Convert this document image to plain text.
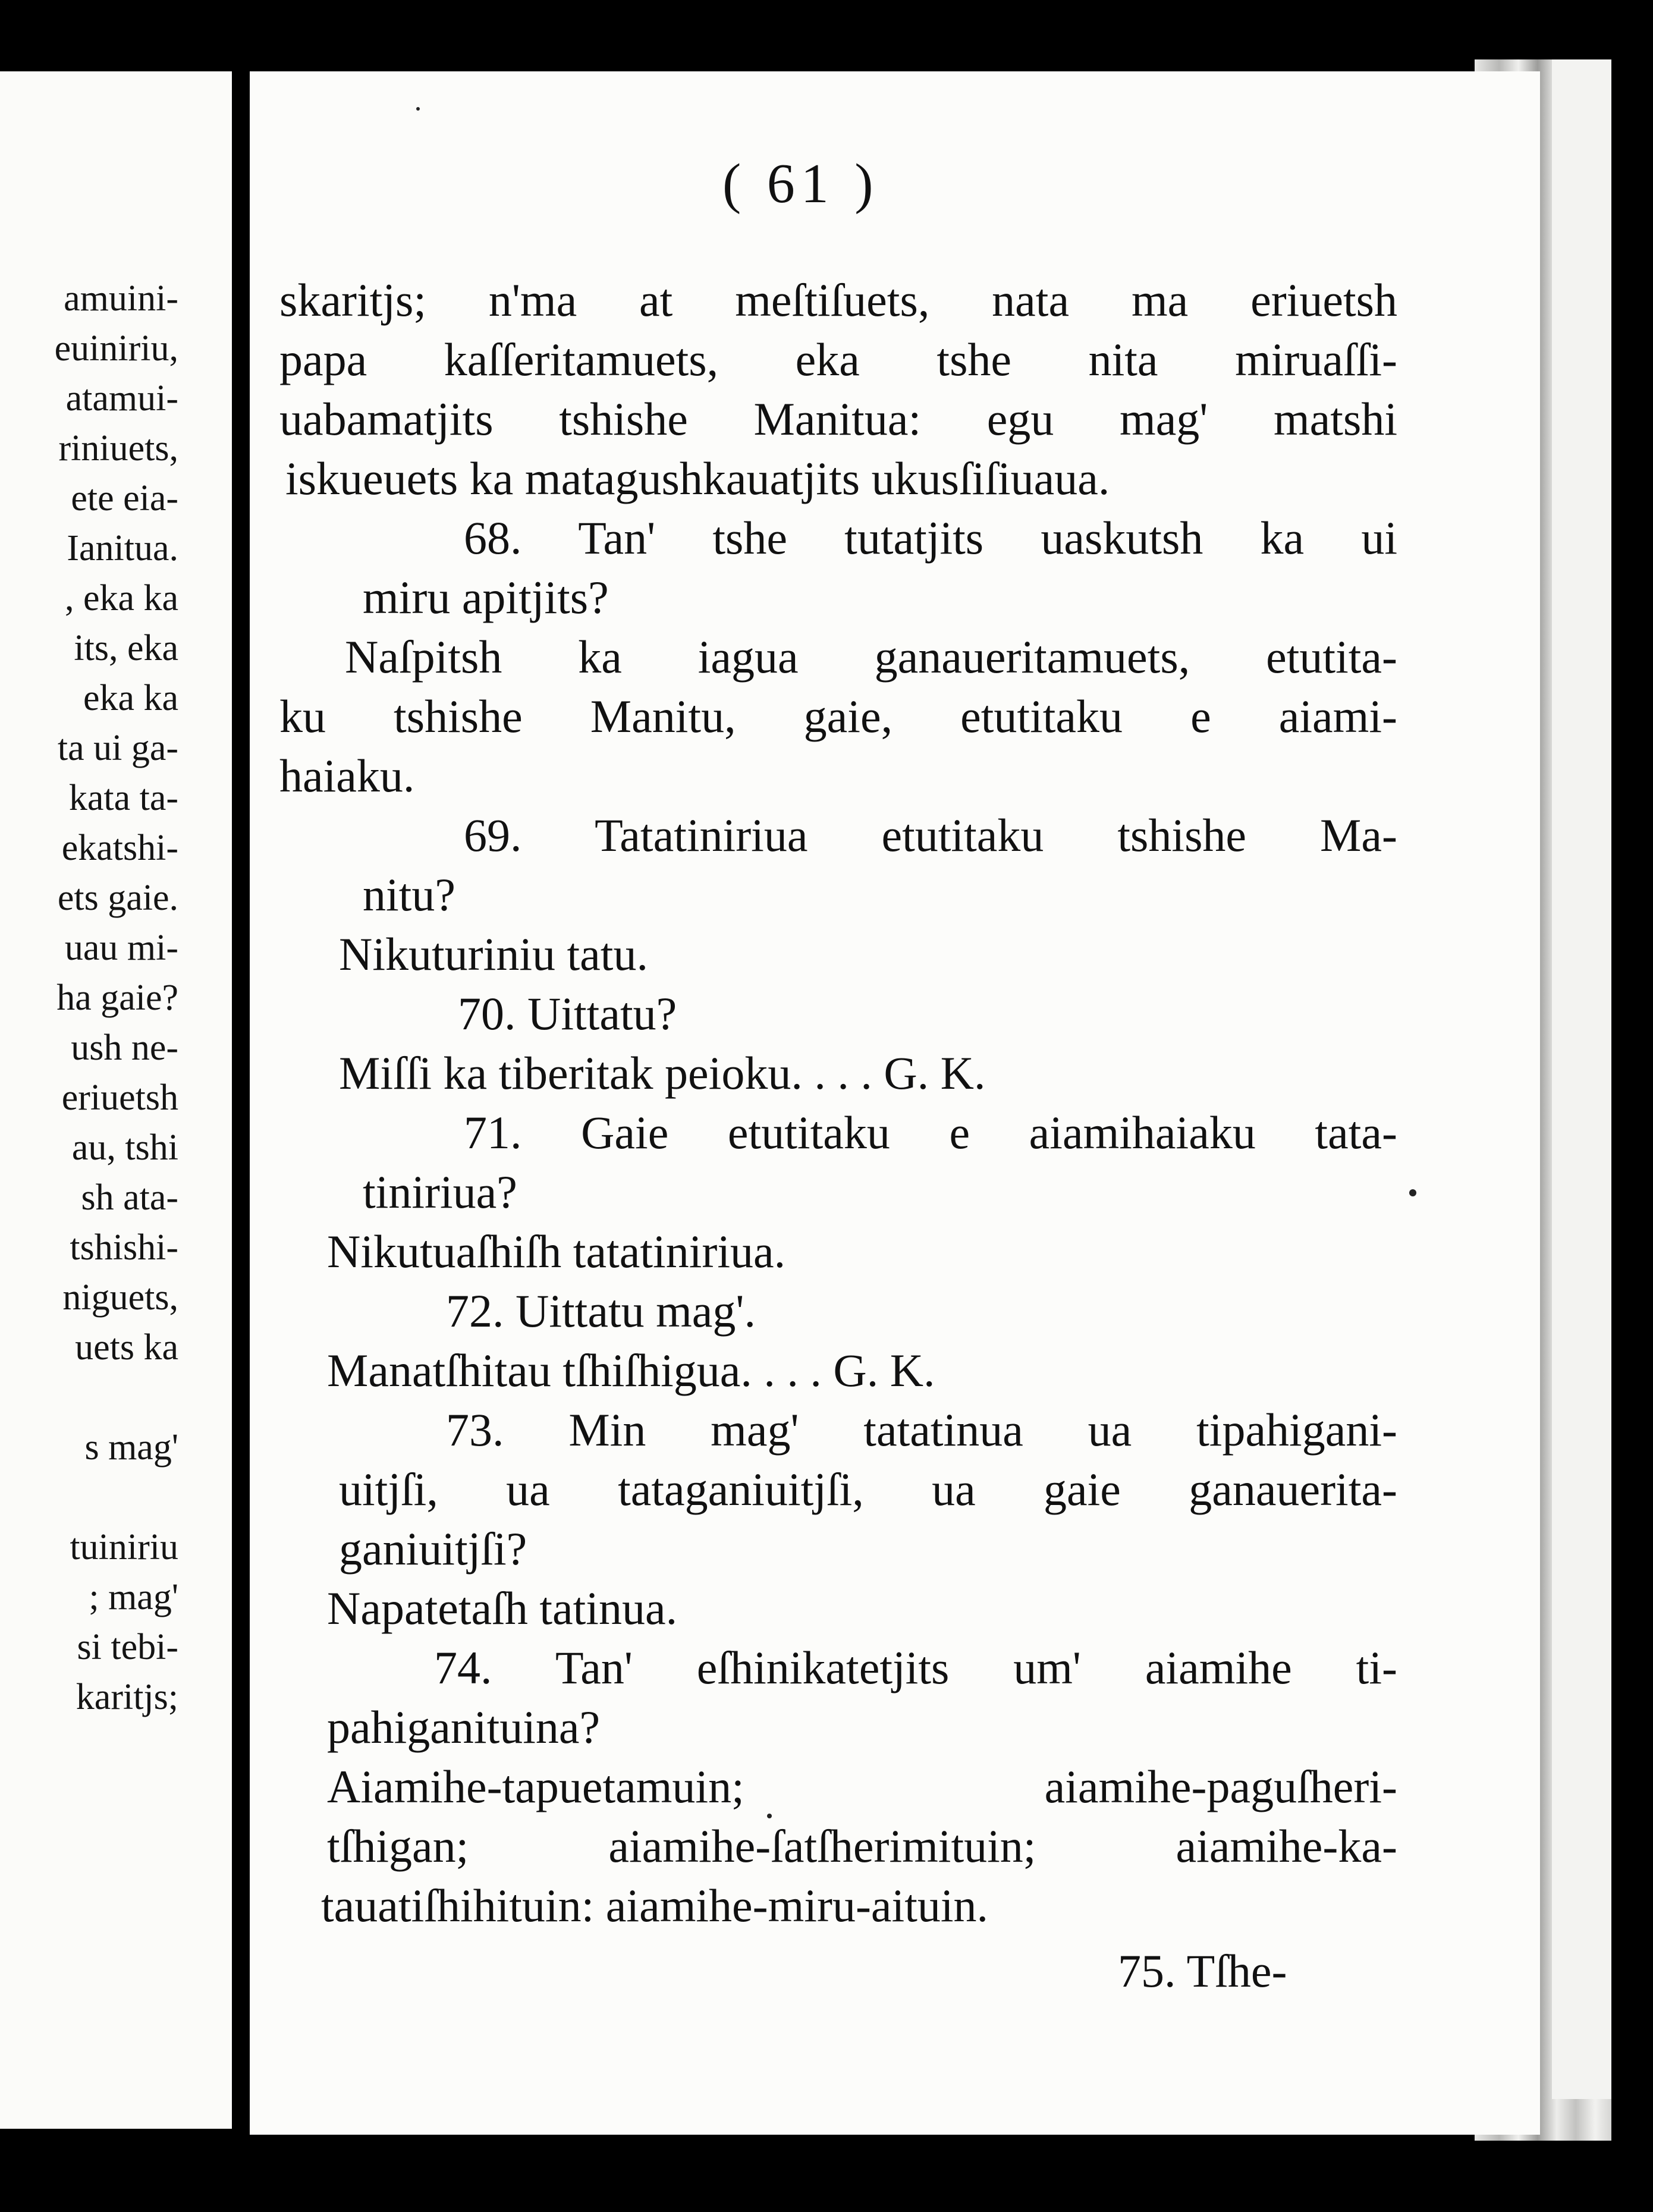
amuini-
euiniriu,
atamui-
riniuets,
ete eia-
Ianitua.
, eka ka
its, eka
eka ka
ta ui ga-
kata ta-
ekatshi-
ets gaie.
uau mi-
ha gaie?
ush ne-
eriuetsh
au, tshi
sh ata-
tshishi-
niguets,
uets ka
s mag'
tuiniriu
; mag'
si tebi-
karitjs;
( 61 )
skaritjs; n'ma at meſtiſuets, nata ma eriuetsh
papa kaſſeritamuets, eka tshe nita miruaſſi-
uabamatjits tshishe Manitua: egu mag' matshi
iskueuets ka matagushkauatjits ukusſiſiuaua.
68. Tan' tshe tutatjits uaskutsh ka ui
miru apitjits?
Naſpitsh ka iagua ganaueritamuets, etutita-
ku tshishe Manitu, gaie, etutitaku e aiami-
haiaku.
69. Tatatiniriua etutitaku tshishe Ma-
nitu?
Nikuturiniu tatu.
70. Uittatu?
Miſſi ka tiberitak peioku. . . . G. K.
71. Gaie etutitaku e aiamihaiaku tata-
tiniriua?
Nikutuaſhiſh tatatiniriua.
72. Uittatu mag'.
Manatſhitau tſhiſhigua. . . . G. K.
73. Min mag' tatatinua ua tipahigani-
uitjſi, ua tataganiuitjſi, ua gaie ganauerita-
ganiuitjſi?
Napatetaſh tatinua.
74. Tan' eſhinikatetjits um' aiamihe ti-
pahiganituina?
Aiamihe-tapuetamuin; aiamihe-paguſheri-
tſhigan; aiamihe-ſatſherimituin; aiamihe-ka-
tauatiſhihituin: aiamihe-miru-aituin.
75. Tſhe-
